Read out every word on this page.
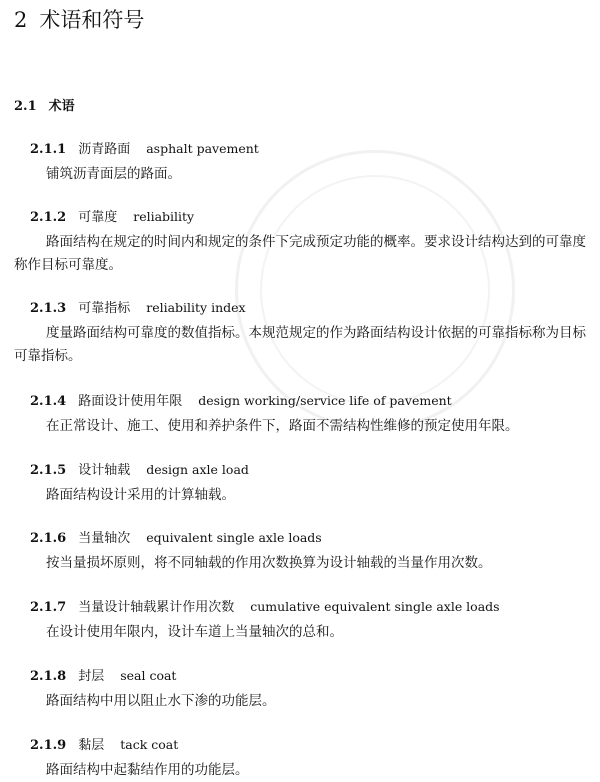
2 术语和符号
2.1 术语
2.1.1 沥青路面 asphalt pavement

铺筑沥青面层的路面。

2.1.2 可靠度 reliability

路面结构在规定的时间内和规定的条件下完成预定功能的概率。要求设计结构达到的可靠度称作目标可靠度。

2.1.3 可靠指标 reliability index

度量路面结构可靠度的数值指标。本规范规定的作为路面结构设计依据的可靠指标称为目标可靠指标。

2.1.4 路面设计使用年限 design working/service life of pavement

在正常设计、施工、使用和养护条件下，路面不需结构性维修的预定使用年限。

2.1.5 设计轴载 design axle load

路面结构设计采用的计算轴载。

2.1.6 当量轴次 equivalent single axle loads

按当量损坏原则，将不同轴载的作用次数换算为设计轴载的当量作用次数。

2.1.7 当量设计轴载累计作用次数 cumulative equivalent single axle loads

在设计使用年限内，设计车道上当量轴次的总和。

2.1.8 封层 seal coat

路面结构中用以阻止水下渗的功能层。

2.1.9 黏层 tack coat

路面结构中起黏结作用的功能层。
